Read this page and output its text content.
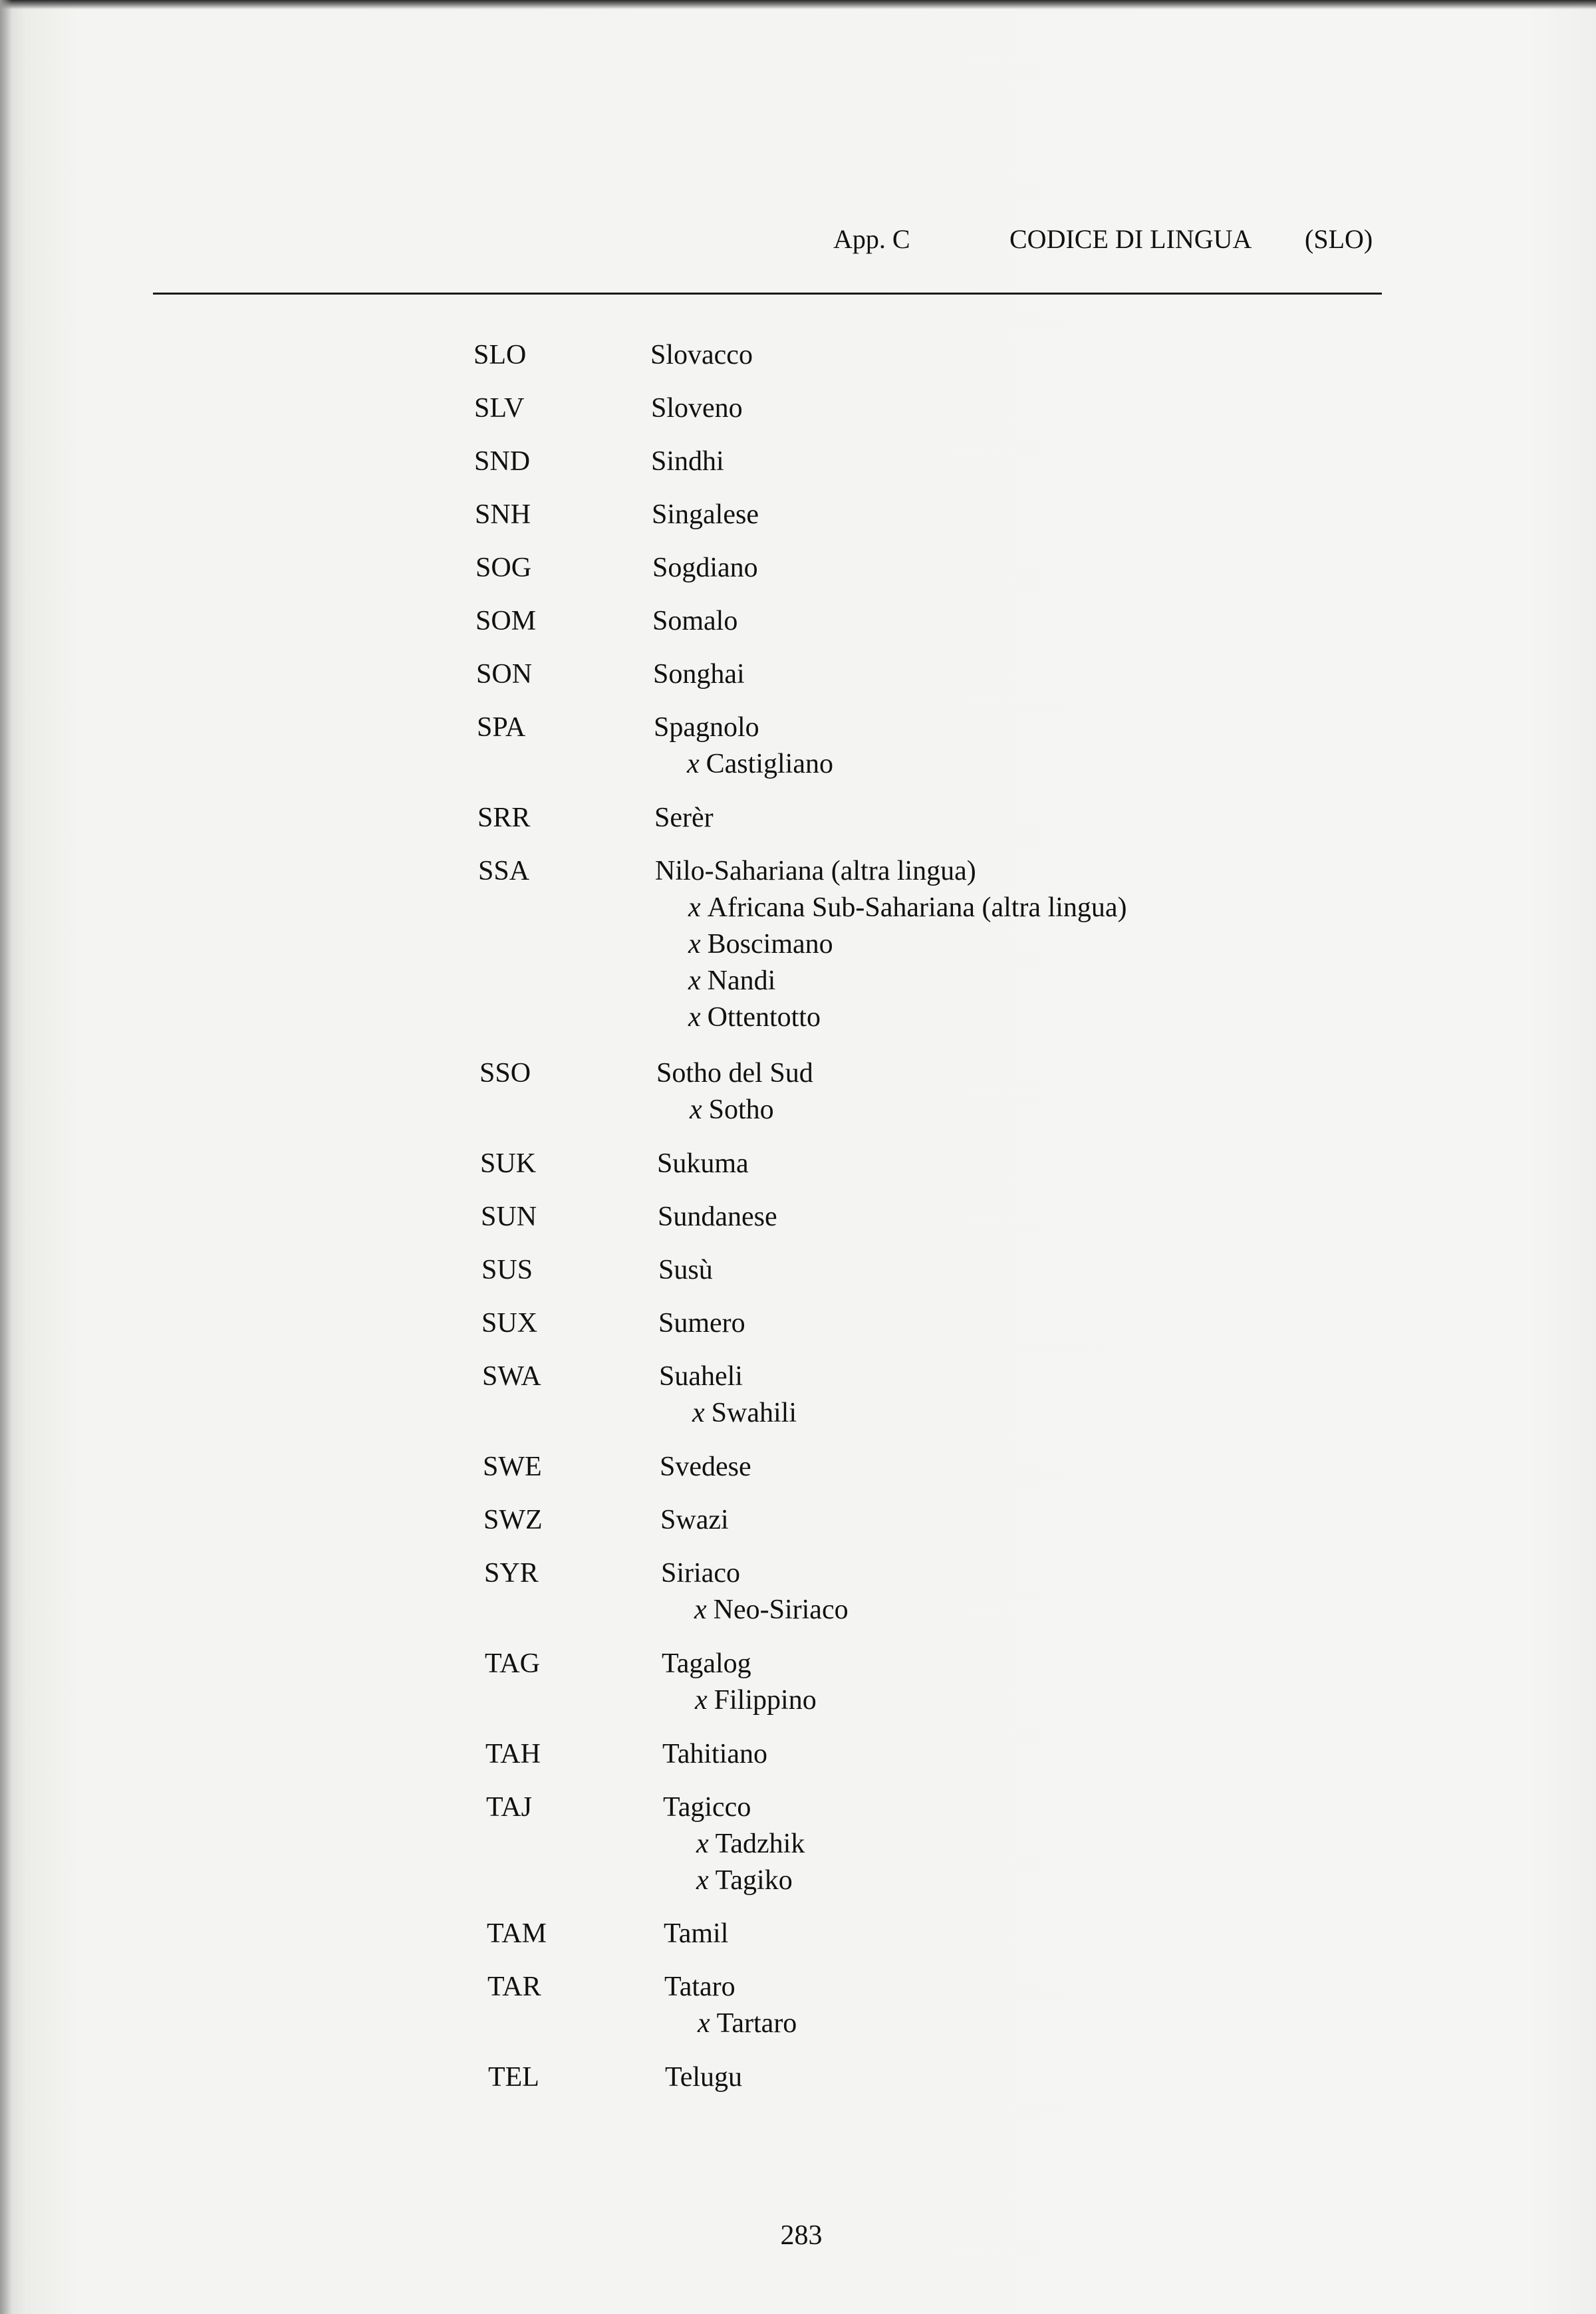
App. C	CODICE DI LINGUA (SLO)
SLO	Slovacco
SLV	Sloveno
SND	Sindhi
SNH	Singalese
SOG	Sogdiano
SOM	Somalo
SON	Songhai
SPA	Spagnolo
x Castigliano
SRR	Serèr
SSA	Nilo-Sahariana (altra lingua)
x Africana Sub-Sahariana (altra lingua)
x Boscimano
x Nandi
x Ottentotto
SSO	Sotho del Sud
x Sotho
SUK	Sukuma
SUN	Sundanese
SUS	Susù
SUX	Sumero
SWA	Suaheli
x Swahili
SWE	Svedese
SWZ	Swazi
SYR	Siriaco
x Neo-Siriaco
TAG	Tagalog
x Filippino
TAH	Tahitiano
TAJ	Tagicco
x Tadzhik
x Tagiko
TAM	Tamil
TAR	Tataro
x Tartaro
TEL	Telugu
283
